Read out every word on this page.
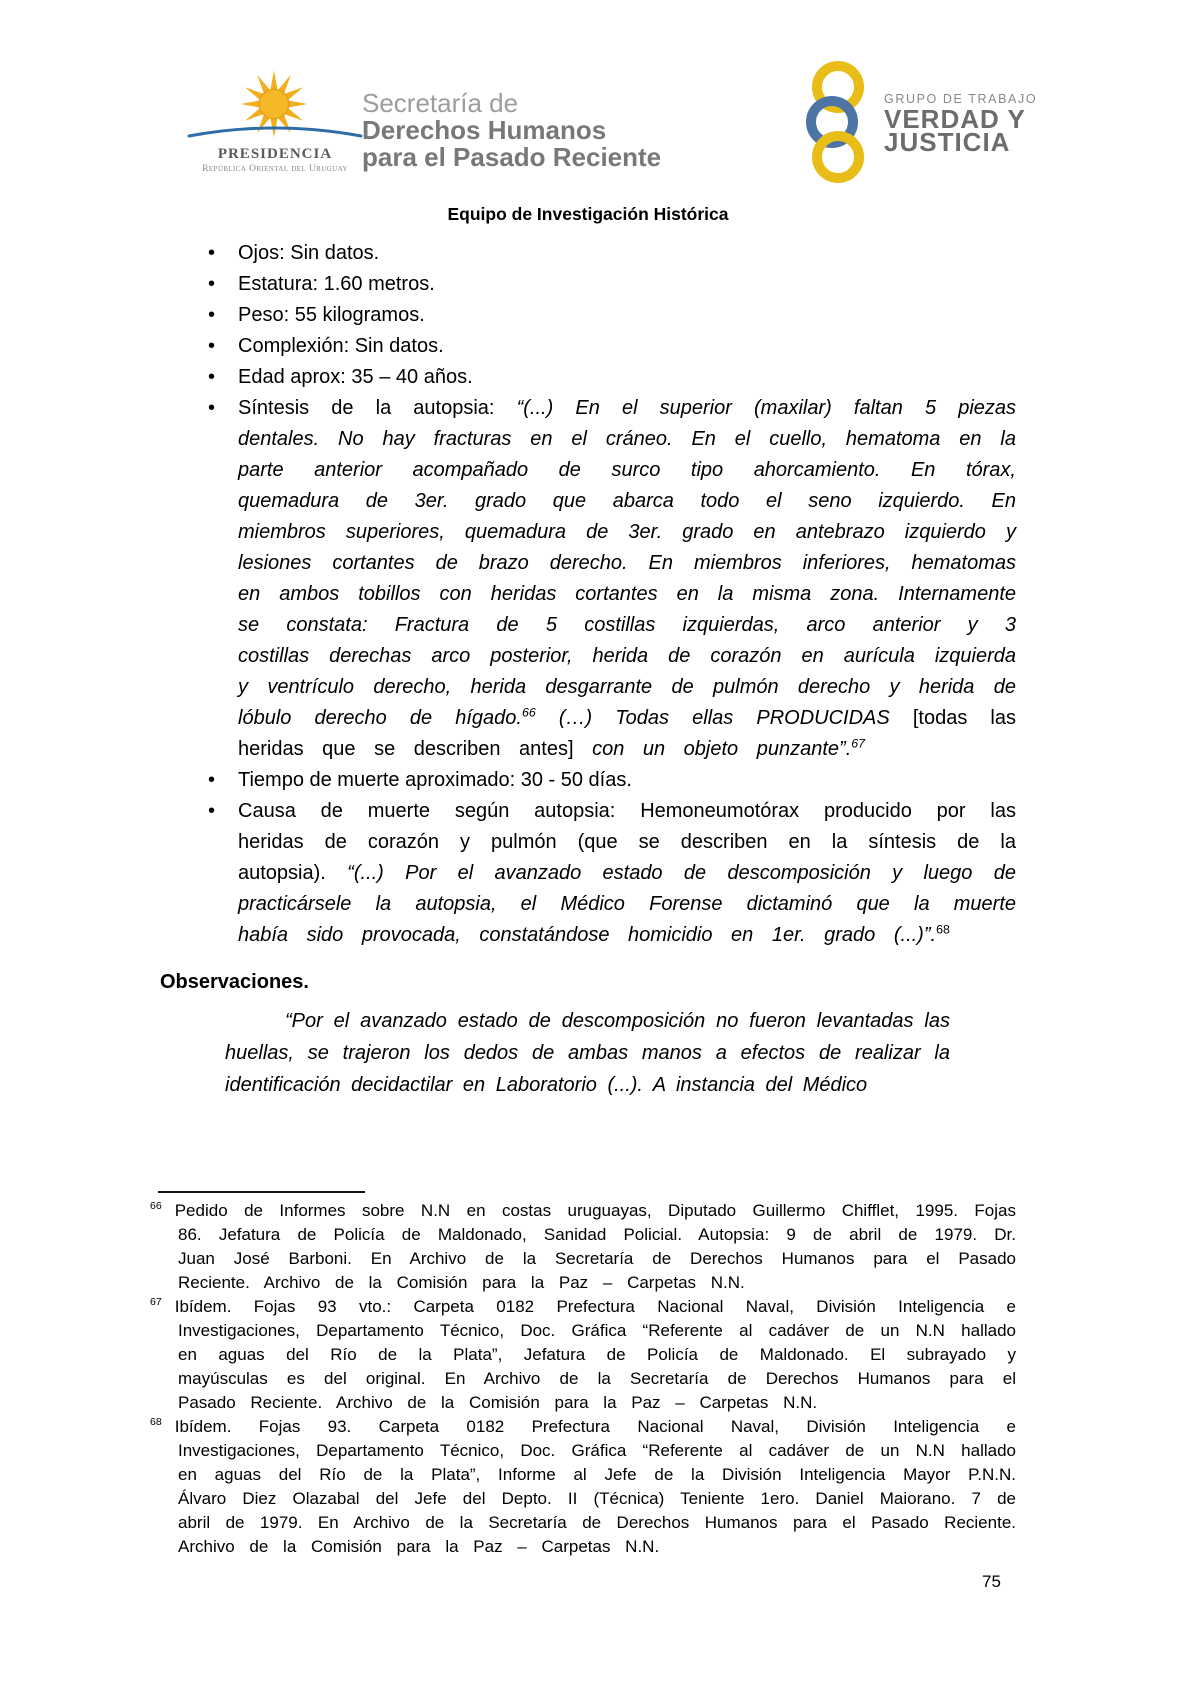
PRESIDENCIA
República Oriental del Uruguay
Secretaría de
Derechos Humanos
para el Pasado Reciente
GRUPO DE TRABAJO
VERDAD Y
JUSTICIA
Equipo de Investigación Histórica
• Ojos: Sin datos.
• Estatura: 1.60 metros.
• Peso: 55 kilogramos.
• Complexión: Sin datos.
• Edad aprox: 35 – 40 años.
• Síntesis de la autopsia: “(...) En el superior (maxilar) faltan 5 piezas dentales. No hay fracturas en el cráneo. En el cuello, hematoma en la parte anterior acompañado de surco tipo ahorcamiento. En tórax, quemadura de 3er. grado que abarca todo el seno izquierdo. En miembros superiores, quemadura de 3er. grado en antebrazo izquierdo y lesiones cortantes de brazo derecho. En miembros inferiores, hematomas en ambos tobillos con heridas cortantes en la misma zona. Internamente se constata: Fractura de 5 costillas izquierdas, arco anterior y 3 costillas derechas arco posterior, herida de corazón en aurícula izquierda y ventrículo derecho, herida desgarrante de pulmón derecho y herida de lóbulo derecho de hígado.$^{66}$ (…) Todas ellas PRODUCIDAS [todas las heridas que se describen antes] con un objeto punzante”.$^{67}$
• Tiempo de muerte aproximado: 30 - 50 días.
• Causa de muerte según autopsia: Hemoneumotórax producido por las heridas de corazón y pulmón (que se describen en la síntesis de la autopsia). “(...) Por el avanzado estado de descomposición y luego de practicársele la autopsia, el Médico Forense dictaminó que la muerte había sido provocada, constatándose homicidio en 1er. grado (...)”.$^{68}$
Observaciones.

“Por el avanzado estado de descomposición no fueron levantadas las huellas, se trajeron los dedos de ambas manos a efectos de realizar la identificación decidactilar en Laboratorio (...). A instancia del Médico

$^{66}$ Pedido de Informes sobre N.N en costas uruguayas, Diputado Guillermo Chifflet, 1995. Fojas 86. Jefatura de Policía de Maldonado, Sanidad Policial. Autopsia: 9 de abril de 1979. Dr. Juan José Barboni. En Archivo de la Secretaría de Derechos Humanos para el Pasado Reciente. Archivo de la Comisión para la Paz – Carpetas N.N.
$^{67}$ Ibídem. Fojas 93 vto.: Carpeta 0182 Prefectura Nacional Naval, División Inteligencia e Investigaciones, Departamento Técnico, Doc. Gráfica “Referente al cadáver de un N.N hallado en aguas del Río de la Plata”, Jefatura de Policía de Maldonado. El subrayado y mayúsculas es del original. En Archivo de la Secretaría de Derechos Humanos para el Pasado Reciente. Archivo de la Comisión para la Paz – Carpetas N.N.
$^{68}$ Ibídem. Fojas 93. Carpeta 0182 Prefectura Nacional Naval, División Inteligencia e Investigaciones, Departamento Técnico, Doc. Gráfica “Referente al cadáver de un N.N hallado en aguas del Río de la Plata”, Informe al Jefe de la División Inteligencia Mayor P.N.N. Álvaro Diez Olazabal del Jefe del Depto. II (Técnica) Teniente 1ero. Daniel Maiorano. 7 de abril de 1979. En Archivo de la Secretaría de Derechos Humanos para el Pasado Reciente. Archivo de la Comisión para la Paz – Carpetas N.N.
75
